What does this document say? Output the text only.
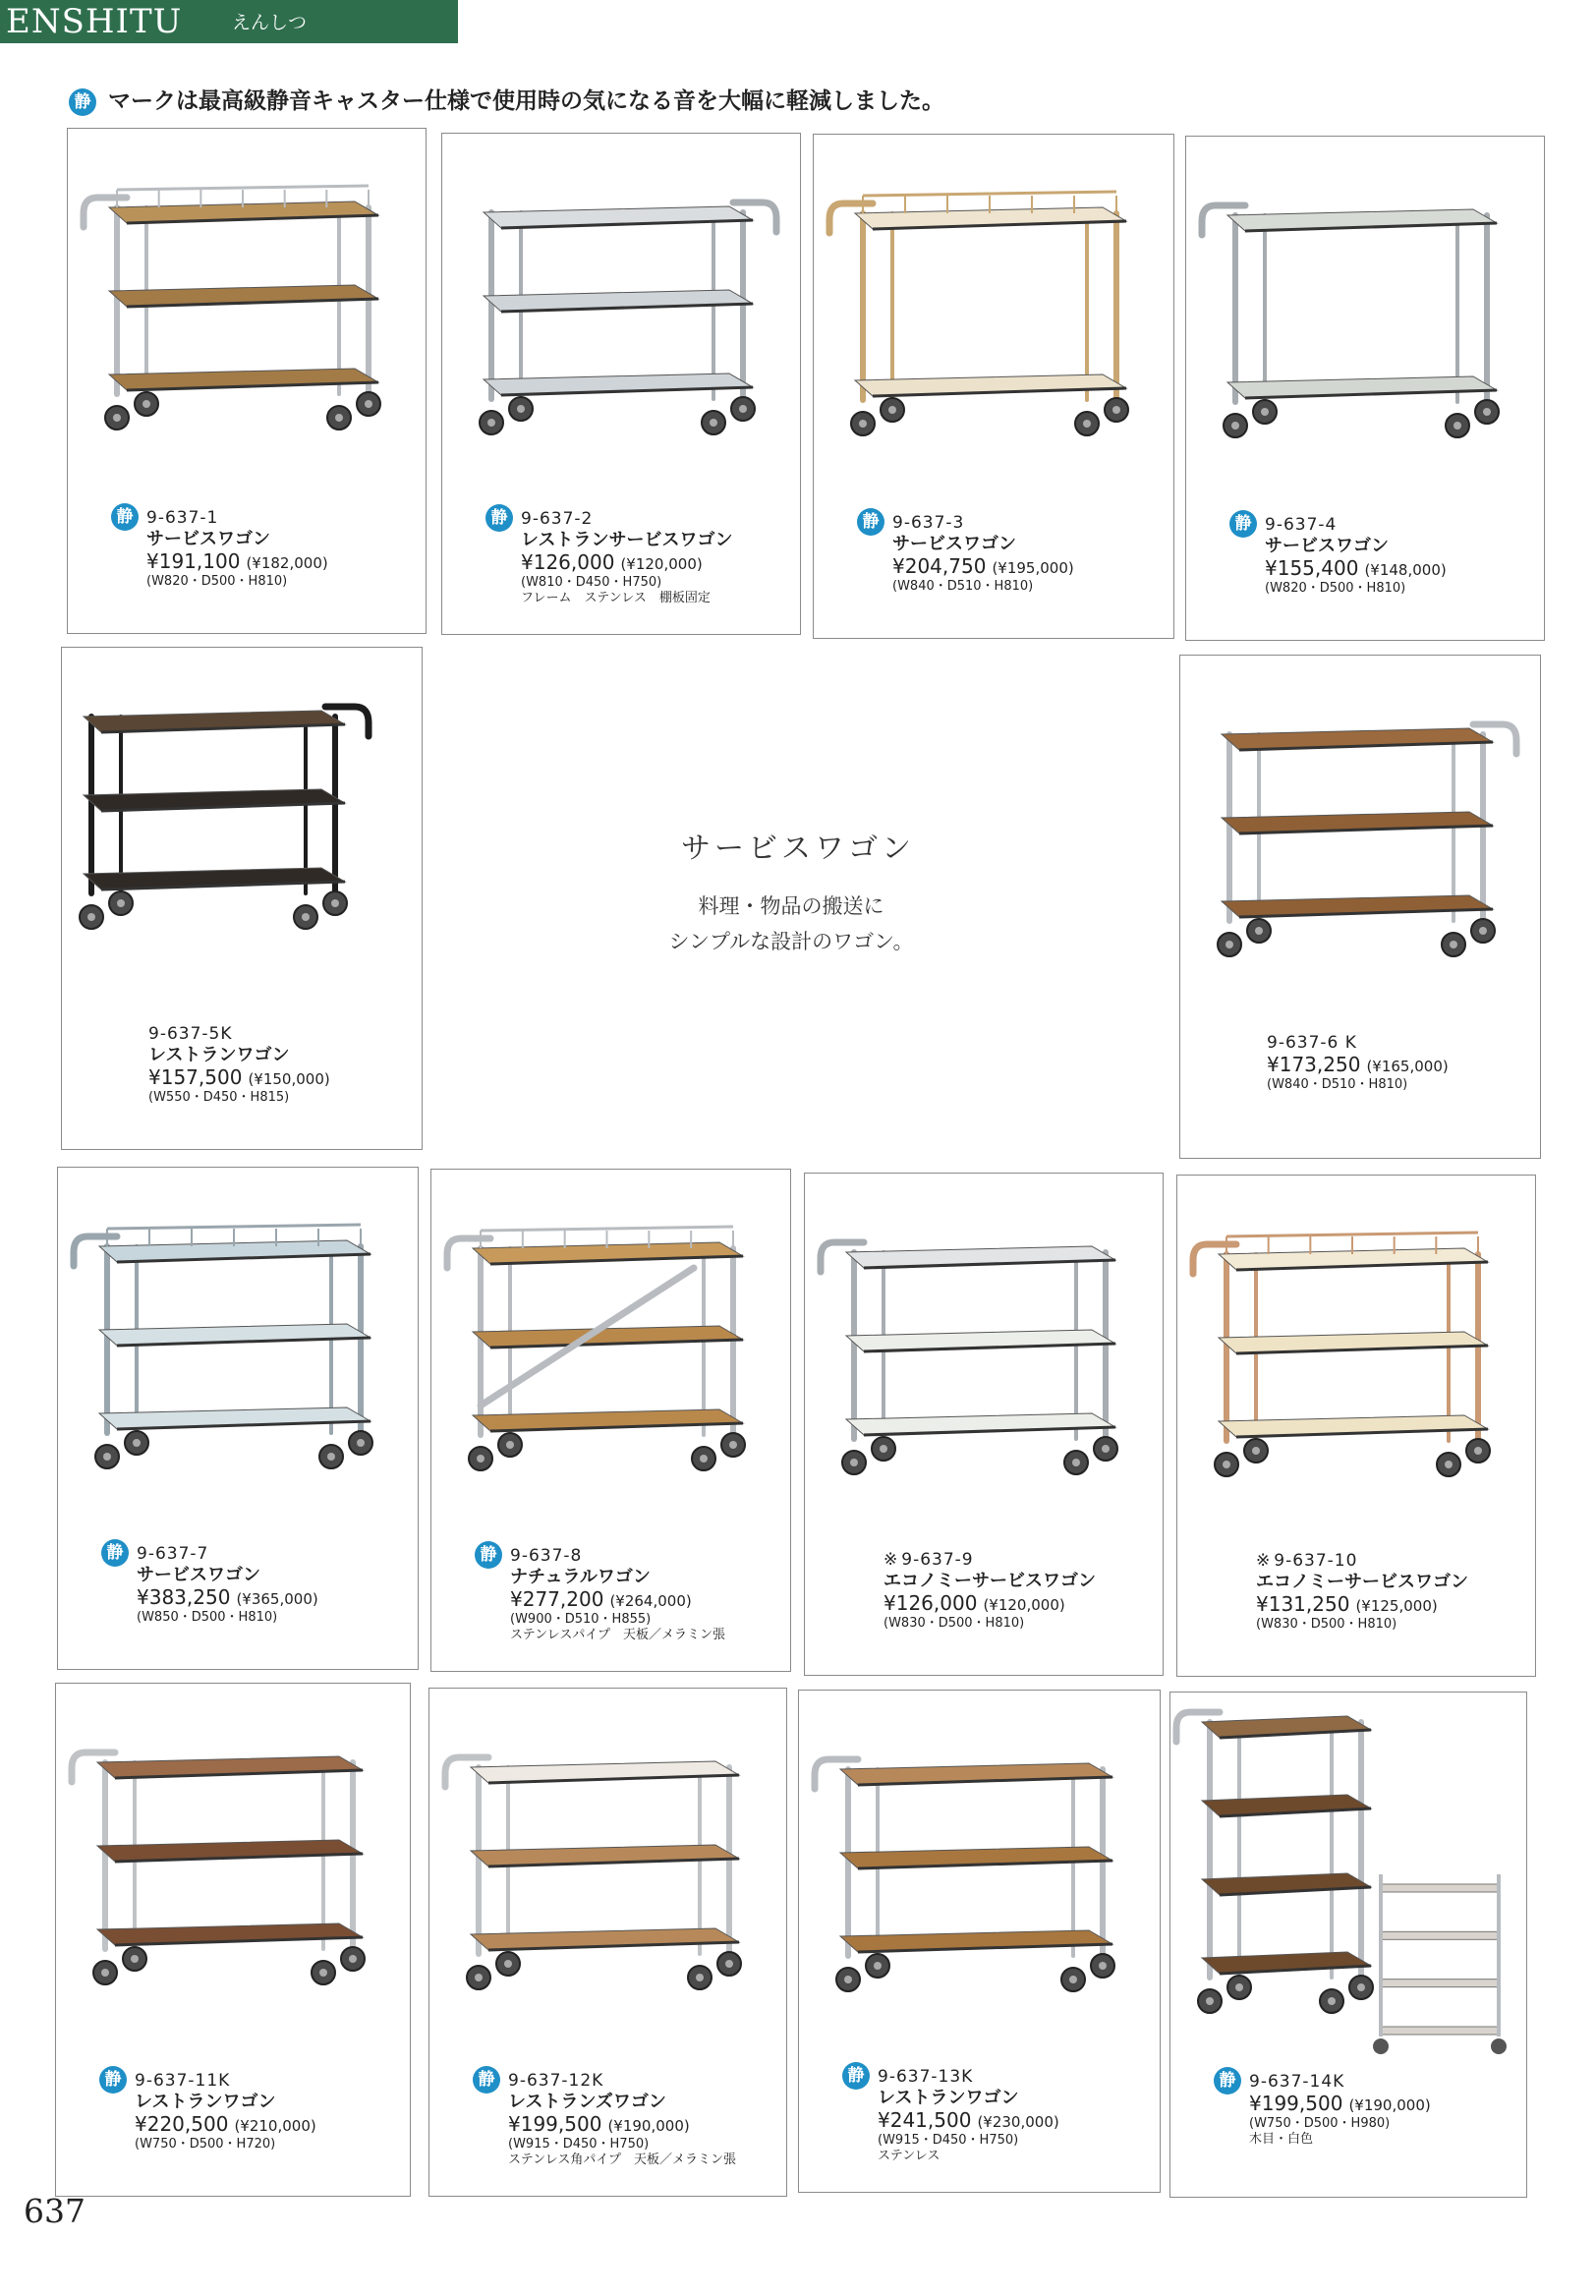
ENSHITU	えんしつ
静 マークは最高級静音キャスター仕様で使用時の気になる音を大幅に軽減しました。
サービスワゴン
料理・物品の搬送に
シンプルな設計のワゴン。
静 9-637-1
サービスワゴン
¥191,100 (¥182,000)
(W820・D500・H810)
静 9-637-2
レストランサービスワゴン
¥126,000 (¥120,000)
(W810・D450・H750)
フレーム　ステンレス　棚板固定
静 9-637-3
サービスワゴン
¥204,750 (¥195,000)
(W840・D510・H810)
静 9-637-4
サービスワゴン
¥155,400 (¥148,000)
(W820・D500・H810)
9-637-5K
レストランワゴン
¥157,500 (¥150,000)
(W550・D450・H815)
9-637-6 K
¥173,250 (¥165,000)
(W840・D510・H810)
静 9-637-7
サービスワゴン
¥383,250 (¥365,000)
(W850・D500・H810)
静 9-637-8
ナチュラルワゴン
¥277,200 (¥264,000)
(W900・D510・H855)
ステンレスパイプ　天板／メラミン張
※ 9-637-9
エコノミーサービスワゴン
¥126,000 (¥120,000)
(W830・D500・H810)
※ 9-637-10
エコノミーサービスワゴン
¥131,250 (¥125,000)
(W830・D500・H810)
静 9-637-11K
レストランワゴン
¥220,500 (¥210,000)
(W750・D500・H720)
静 9-637-12K
レストランズワゴン
¥199,500 (¥190,000)
(W915・D450・H750)
ステンレス角パイプ　天板／メラミン張
静 9-637-13K
レストランワゴン
¥241,500 (¥230,000)
(W915・D450・H750)
ステンレス
静 9-637-14K
¥199,500 (¥190,000)
(W750・D500・H980)
木目・白色
637
